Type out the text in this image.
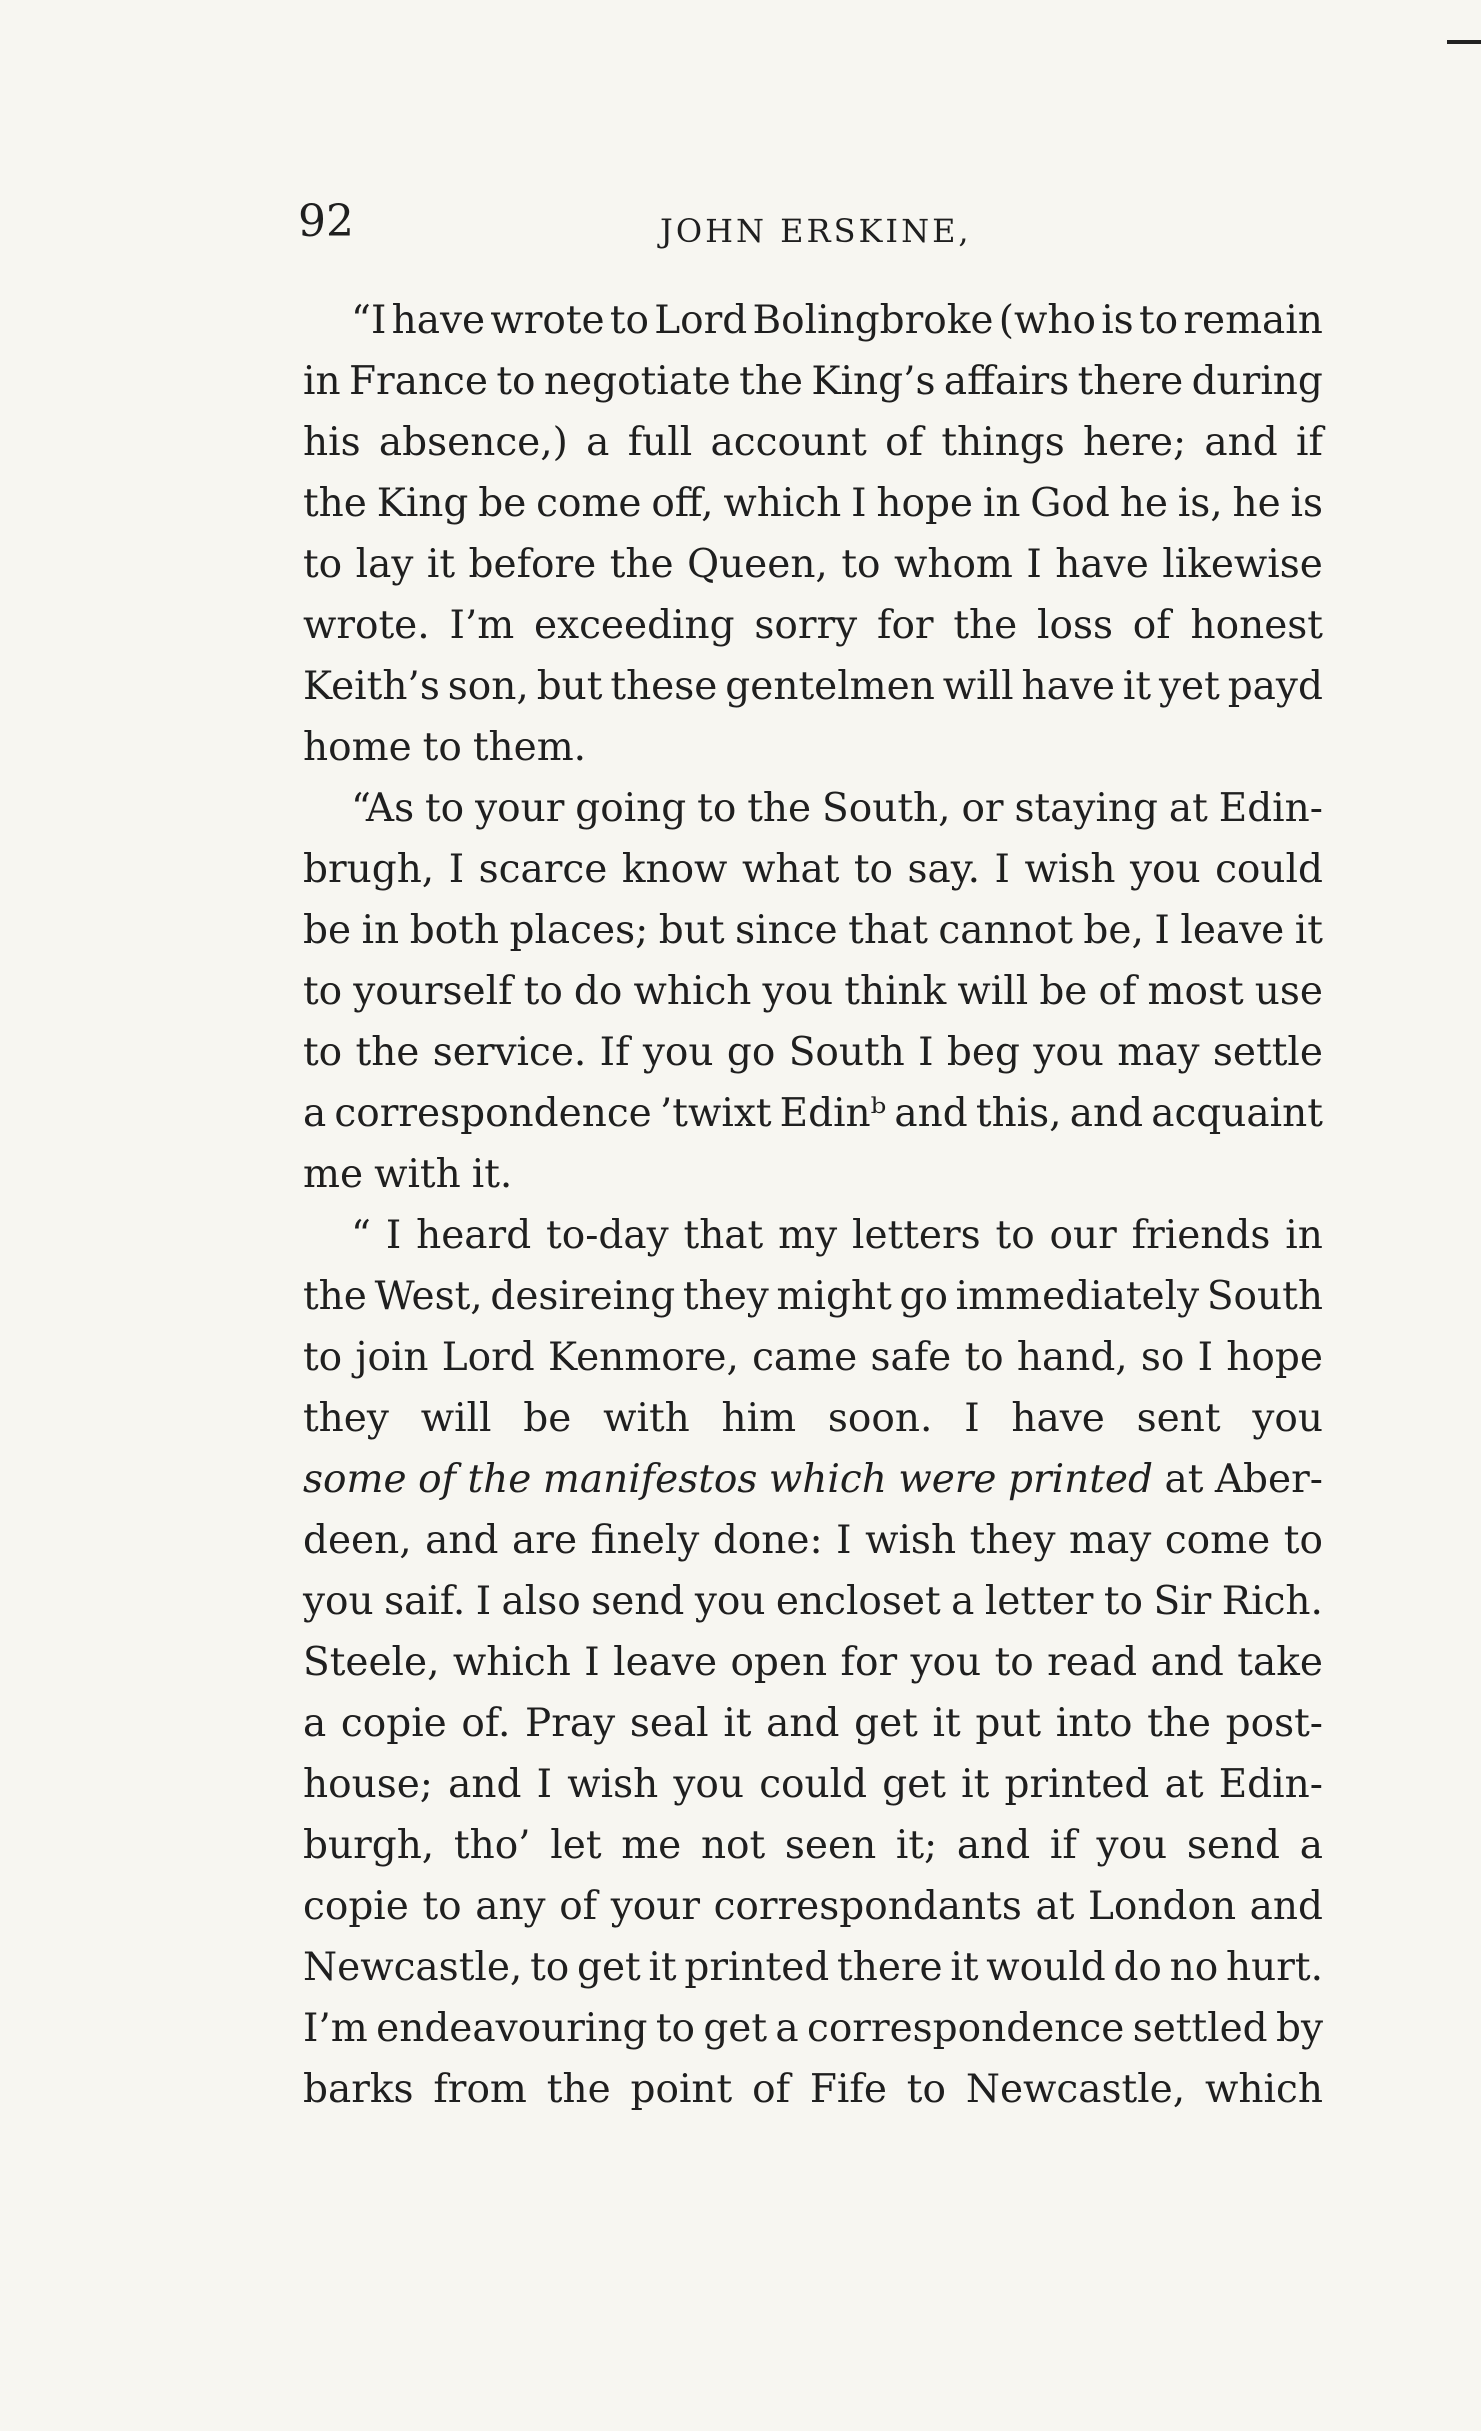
92	JOHN ERSKINE,
“I have wrote to Lord Bolingbroke (who is to remain
in France to negotiate the King’s affairs there during
his absence,) a full account of things here; and if
the King be come off, which I hope in God he is, he is
to lay it before the Queen, to whom I have likewise
wrote. I’m exceeding sorry for the loss of honest
Keith’s son, but these gentelmen will have it yet payd
home to them.
“As to your going to the South, or staying at Edin-
brugh, I scarce know what to say. I wish you could
be in both places; but since that cannot be, I leave it
to yourself to do which you think will be of most use
to the service. If you go South I beg you may settle
a correspondence ’twixt Edinᵇ and this, and acquaint
me with it.
“ I heard to-day that my letters to our friends in
the West, desireing they might go immediately South
to join Lord Kenmore, came safe to hand, so I hope
they will be with him soon. I have sent you
some of the manifestos which were printed at Aber-
deen, and are finely done: I wish they may come to
you saif. I also send you encloset a letter to Sir Rich.
Steele, which I leave open for you to read and take
a copie of. Pray seal it and get it put into the post-
house; and I wish you could get it printed at Edin-
burgh, tho’ let me not seen it; and if you send a
copie to any of your correspondants at London and
Newcastle, to get it printed there it would do no hurt.
I’m endeavouring to get a correspondence settled by
barks from the point of Fife to Newcastle, which
